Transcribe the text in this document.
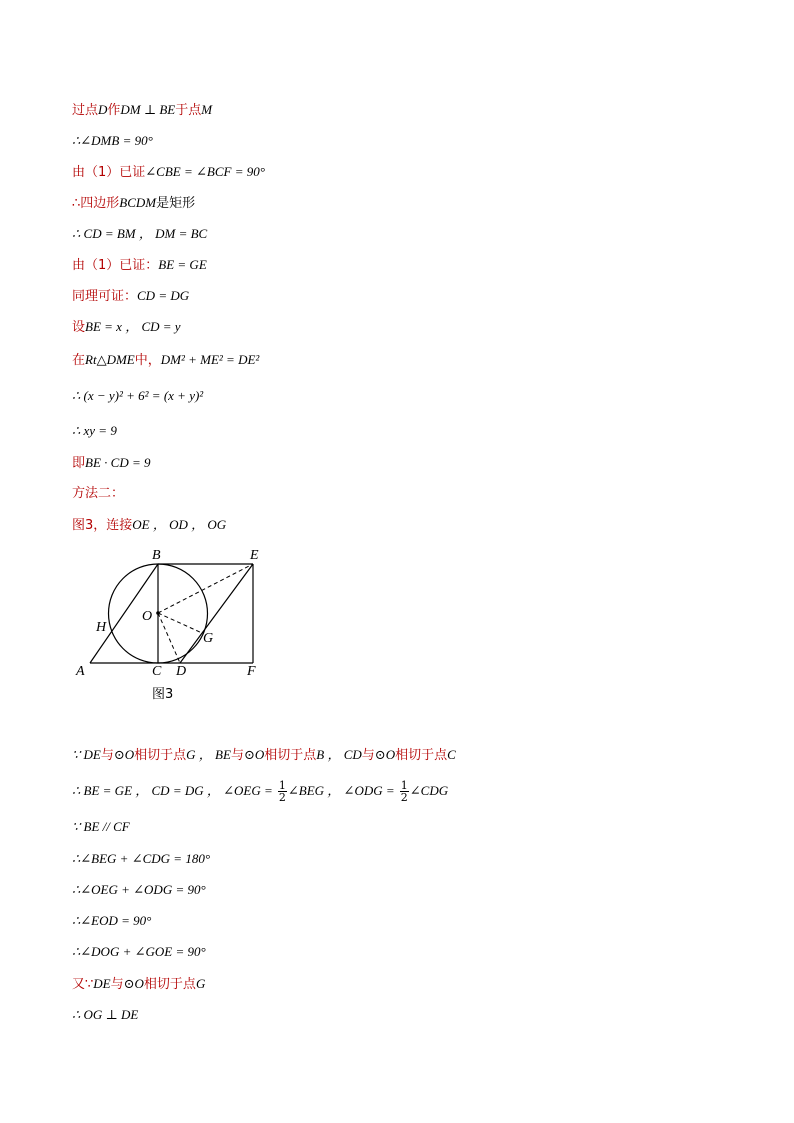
过点D作DM ⊥ BE于点M
∴∠DMB = 90°
由（1）已证∠CBE = ∠BCF = 90°
∴四边形BCDM是矩形
∴ CD = BM ， DM = BC
由（1）已证：BE = GE
同理可证：CD = DG
设BE = x ， CD = y
在Rt△DME中，DM² + ME² = DE²
∴ (x − y)² + 6² = (x + y)²
∴ xy = 9
即BE · CD = 9
方法二：
图3，连接OE ， OD ， OG
B	E
O
H
G
A	C D	F
图3
∵ DE与⊙O相切于点G ， BE与⊙O相切于点B ， CD与⊙O相切于点C
∴ BE = GE ， CD = DG ， ∠OEG = $\frac{1}{2}$ ∠BEG ， ∠ODG = $\frac{1}{2}$ ∠CDG
∵ BE // CF
∴∠BEG + ∠CDG = 180°
∴∠OEG + ∠ODG = 90°
∴∠EOD = 90°
∴∠DOG + ∠GOE = 90°
又∵DE与⊙O相切于点G
∴ OG ⊥ DE
